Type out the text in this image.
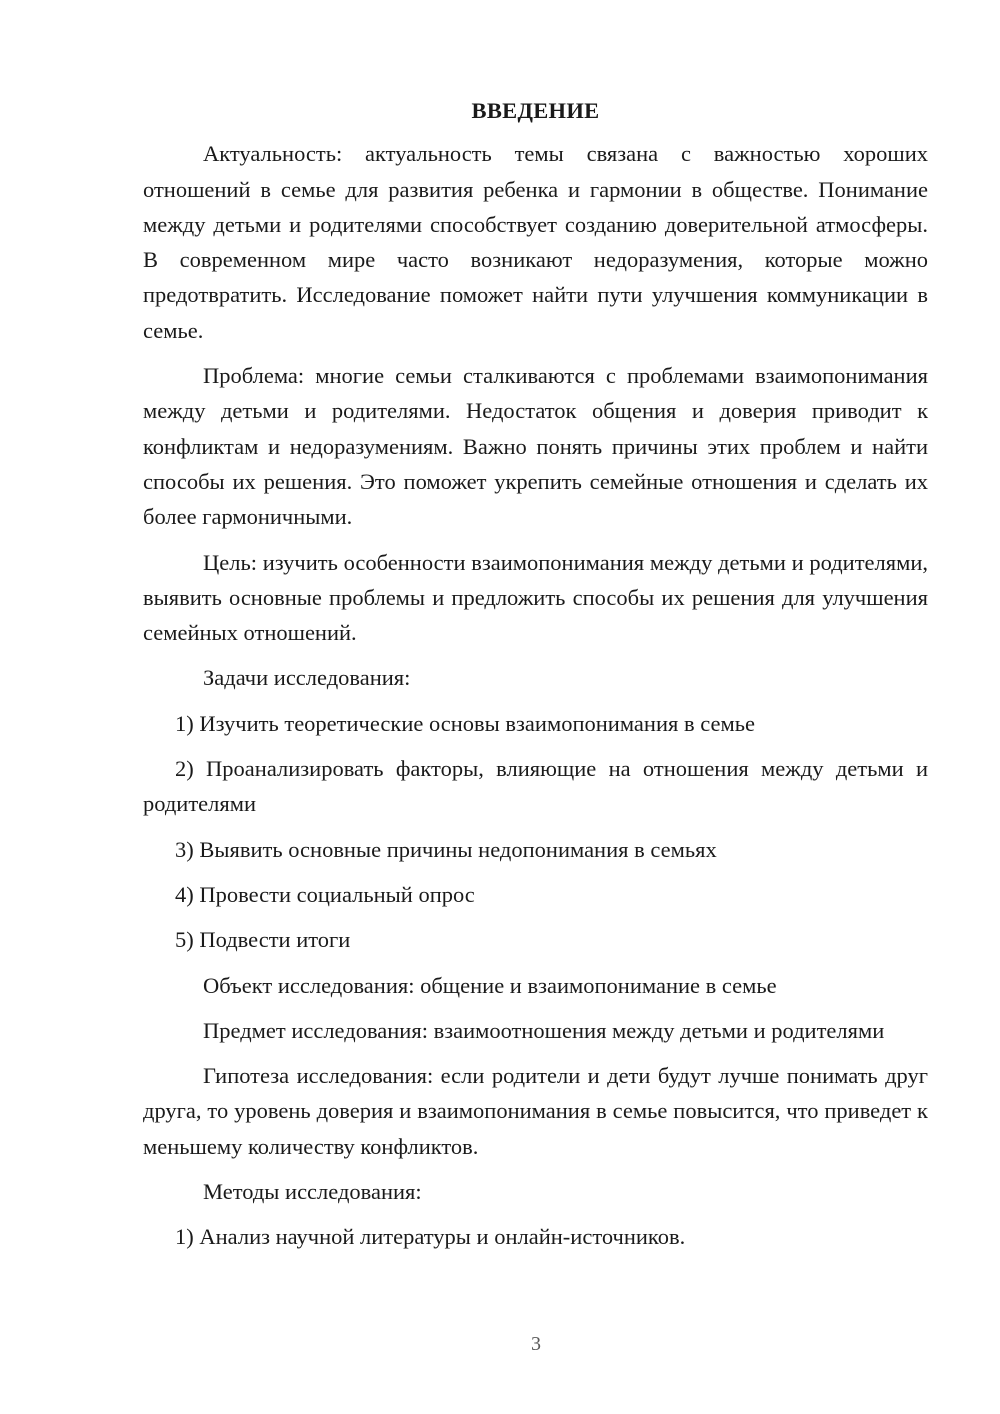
ВВЕДЕНИЕ

Актуальность: актуальность темы связана с важностью хороших отношений в семье для развития ребенка и гармонии в обществе. Понимание между детьми и родителями способствует созданию доверительной атмосферы. В современном мире часто возникают недоразумения, которые можно предотвратить. Исследование поможет найти пути улучшения коммуникации в семье.

Проблема: многие семьи сталкиваются с проблемами взаимопонимания между детьми и родителями. Недостаток общения и доверия приводит к конфликтам и недоразумениям. Важно понять причины этих проблем и найти способы их решения. Это поможет укрепить семейные отношения и сделать их более гармоничными.

Цель: изучить особенности взаимопонимания между детьми и родителями, выявить основные проблемы и предложить способы их решения для улучшения семейных отношений.

Задачи исследования:

1) Изучить теоретические основы взаимопонимания в семье

2) Проанализировать факторы, влияющие на отношения между детьми и родителями

3) Выявить основные причины недопонимания в семьях

4) Провести социальный опрос

5) Подвести итоги

Объект исследования: общение и взаимопонимание в семье

Предмет исследования: взаимоотношения между детьми и родителями

Гипотеза исследования: если родители и дети будут лучше понимать друг друга, то уровень доверия и взаимопонимания в семье повысится, что приведет к меньшему количеству конфликтов.

Методы исследования:

1) Анализ научной литературы и онлайн-источников.

3
